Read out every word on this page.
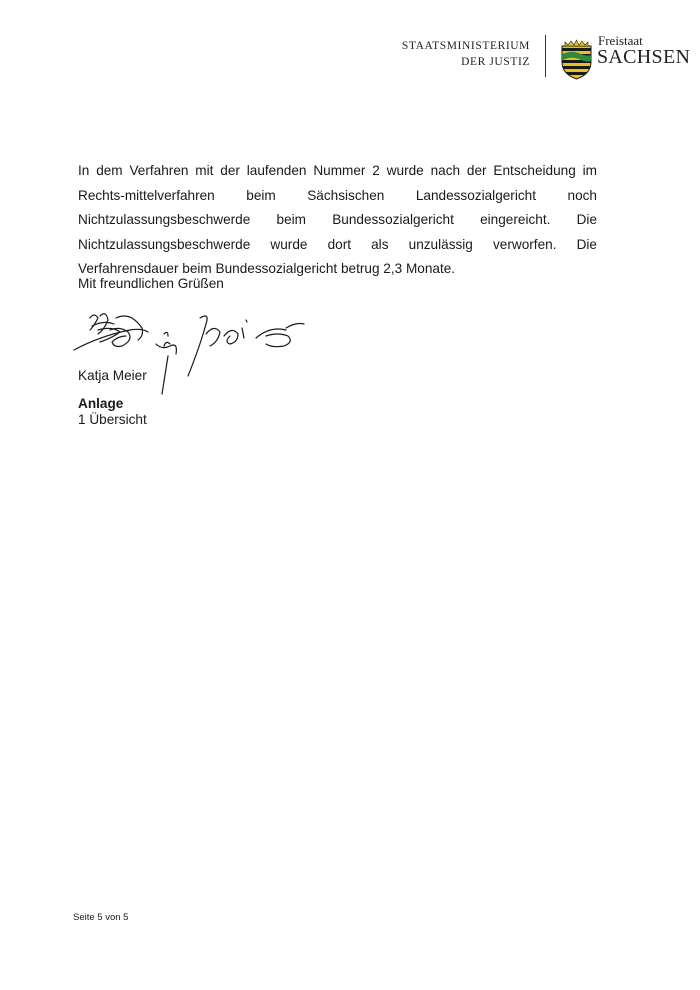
STAATSMINISTERIUM
DER JUSTIZ
Freistaat
SACHSEN

In dem Verfahren mit der laufenden Nummer 2 wurde nach der Entscheidung im Rechts-mittelverfahren beim Sächsischen Landessozialgericht noch Nichtzulassungsbeschwerde beim Bundessozialgericht eingereicht. Die Nichtzulassungsbeschwerde wurde dort als unzulässig verworfen. Die Verfahrensdauer beim Bundessozialgericht betrug 2,3 Monate.

Mit freundlichen Grüßen

Katja Meier

Anlage

1 Übersicht

Seite 5 von 5
